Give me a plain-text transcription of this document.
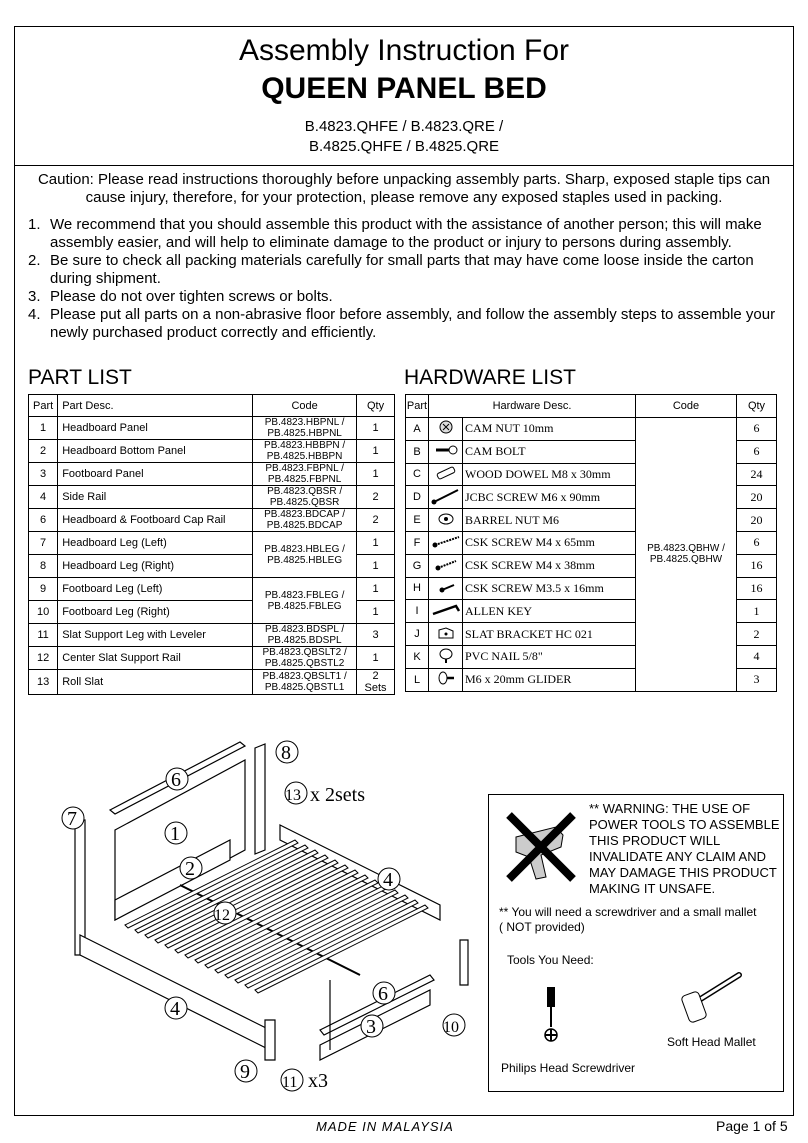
Assembly Instruction For
QUEEN PANEL BED
B.4823.QHFE / B.4823.QRE /
B.4825.QHFE / B.4825.QRE
Caution: Please read instructions thoroughly before unpacking assembly parts. Sharp, exposed staple tips can
cause injury, therefore, for your protection, please remove any exposed staples used in packing.
1. We recommend that you should assemble this product with the assistance of another person; this will make assembly easier, and will help to eliminate damage to the product or injury to persons during assembly.
2. Be sure to check all packing materials carefully for small parts that may have come loose inside the carton during shipment.
3. Please do not over tighten screws or bolts.
4. Please put all parts on a non-abrasive floor before assembly, and follow the assembly steps to assemble your newly purchased product correctly and efficiently.
PART LIST	HARDWARE LIST
Part	Part Desc.	Code	Qty
1	Headboard Panel	PB.4823.HBPNL /
PB.4825.HBPNL	1
2	Headboard Bottom Panel	PB.4823.HBBPN /
PB.4825.HBBPN	1
3	Footboard Panel	PB.4823.FBPNL /
PB.4825.FBPNL	1
4	Side Rail	PB.4823.QBSR /
PB.4825.QBSR	2
6	Headboard & Footboard Cap Rail	PB.4823.BDCAP /
PB.4825.BDCAP	2
7	Headboard Leg (Left)	PB.4823.HBLEG /
PB.4825.HBLEG	1
8	Headboard Leg (Right)		1
9	Footboard Leg (Left)	PB.4823.FBLEG /
PB.4825.FBLEG	1
10	Footboard Leg (Right)		1
11	Slat Support Leg with Leveler	PB.4823.BDSPL /
PB.4825.BDSPL	3
12	Center Slat Support Rail	PB.4823.QBSLT2 /
PB.4825.QBSTL2	1
13	Roll Slat	PB.4823.QBSLT1 /
PB.4825.QBSTL1	2 Sets
Part	Hardware Desc.		Code	Qty
A		CAM NUT 10mm	PB.4823.QBHW /
PB.4825.QBHW	6
B		CAM BOLT		6
C		WOOD DOWEL M8 x 30mm		24
D		JCBC SCREW M6 x 90mm		20
E		BARREL NUT M6		20
F		CSK SCREW M4 x 65mm		6
G		CSK SCREW M4 x 38mm		16
H		CSK SCREW M3.5 x 16mm		16
I		ALLEN KEY		1
J		SLAT BRACKET HC 021		2
K		PVC NAIL 5/8"		4
L		M6 x 20mm GLIDER		3
6
8
7
1
2
12
13 x 2sets
4
4
6
3	10
9 11 x3
** WARNING: THE USE OF
POWER TOOLS TO ASSEMBLE
THIS PRODUCT WILL
INVALIDATE ANY CLAIM AND
MAY DAMAGE THIS PRODUCT
MAKING IT UNSAFE.
** You will need a screwdriver and a small mallet
( NOT provided)
Tools You Need:
Philips Head Screwdriver
Soft Head Mallet
MADE IN MALAYSIA	Page 1 of 5
